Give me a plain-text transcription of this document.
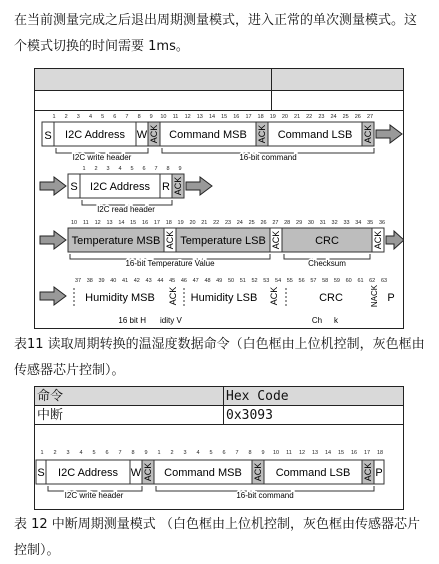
在当前测量完成之后退出周期测量模式，进入正常的单次测量模式。这个模式切换的时间需要 1ms。
1 2 3 4 5 6 7 8 9 10 11 12 13 14 15 16 17 18 19 20 21 22 23 24 25 26 27
S I2C Address W ACK Command MSB ACK Command LSB ACK
I2C write header	16-bit command
1 2 3 4 5 6 7 8 9
S I2C Address R ACK
I2C read header
10 11 12 13 14 15 16 17 18 19 20 21 22 23 24 25 26 27 28 29 30 31 32 33 34 35 36
Temperature MSB ACK Temperature LSB ACK	CRC	ACK
16-bit Temperature Value	Checksum
37 38 39 40 41 42 43 44 45 46 47 48 49 50 51 52 53 54 55 56 57 58 59 60 61 62 63
Humidity MSB ACK Humidity LSB ACK	CRC	NACK P
16 bit H idity V	Ch k
表11 读取周期转换的温湿度数据命令（白色框由上位机控制，灰色框由传感器芯片控制）。
命令	Hex Code
中断	0x3093
1 2 3 4 5 6 7 8 9 1 2 3 4 5 6 7 8 9 10 11 12 13 14 15 16 17 18
S I2C Address W ACK Command MSB ACK Command LSB ACK P
I2C write header	16-bit command
表 12 中断周期测量模式 （白色框由上位机控制，灰色框由传感器芯片控制）。
